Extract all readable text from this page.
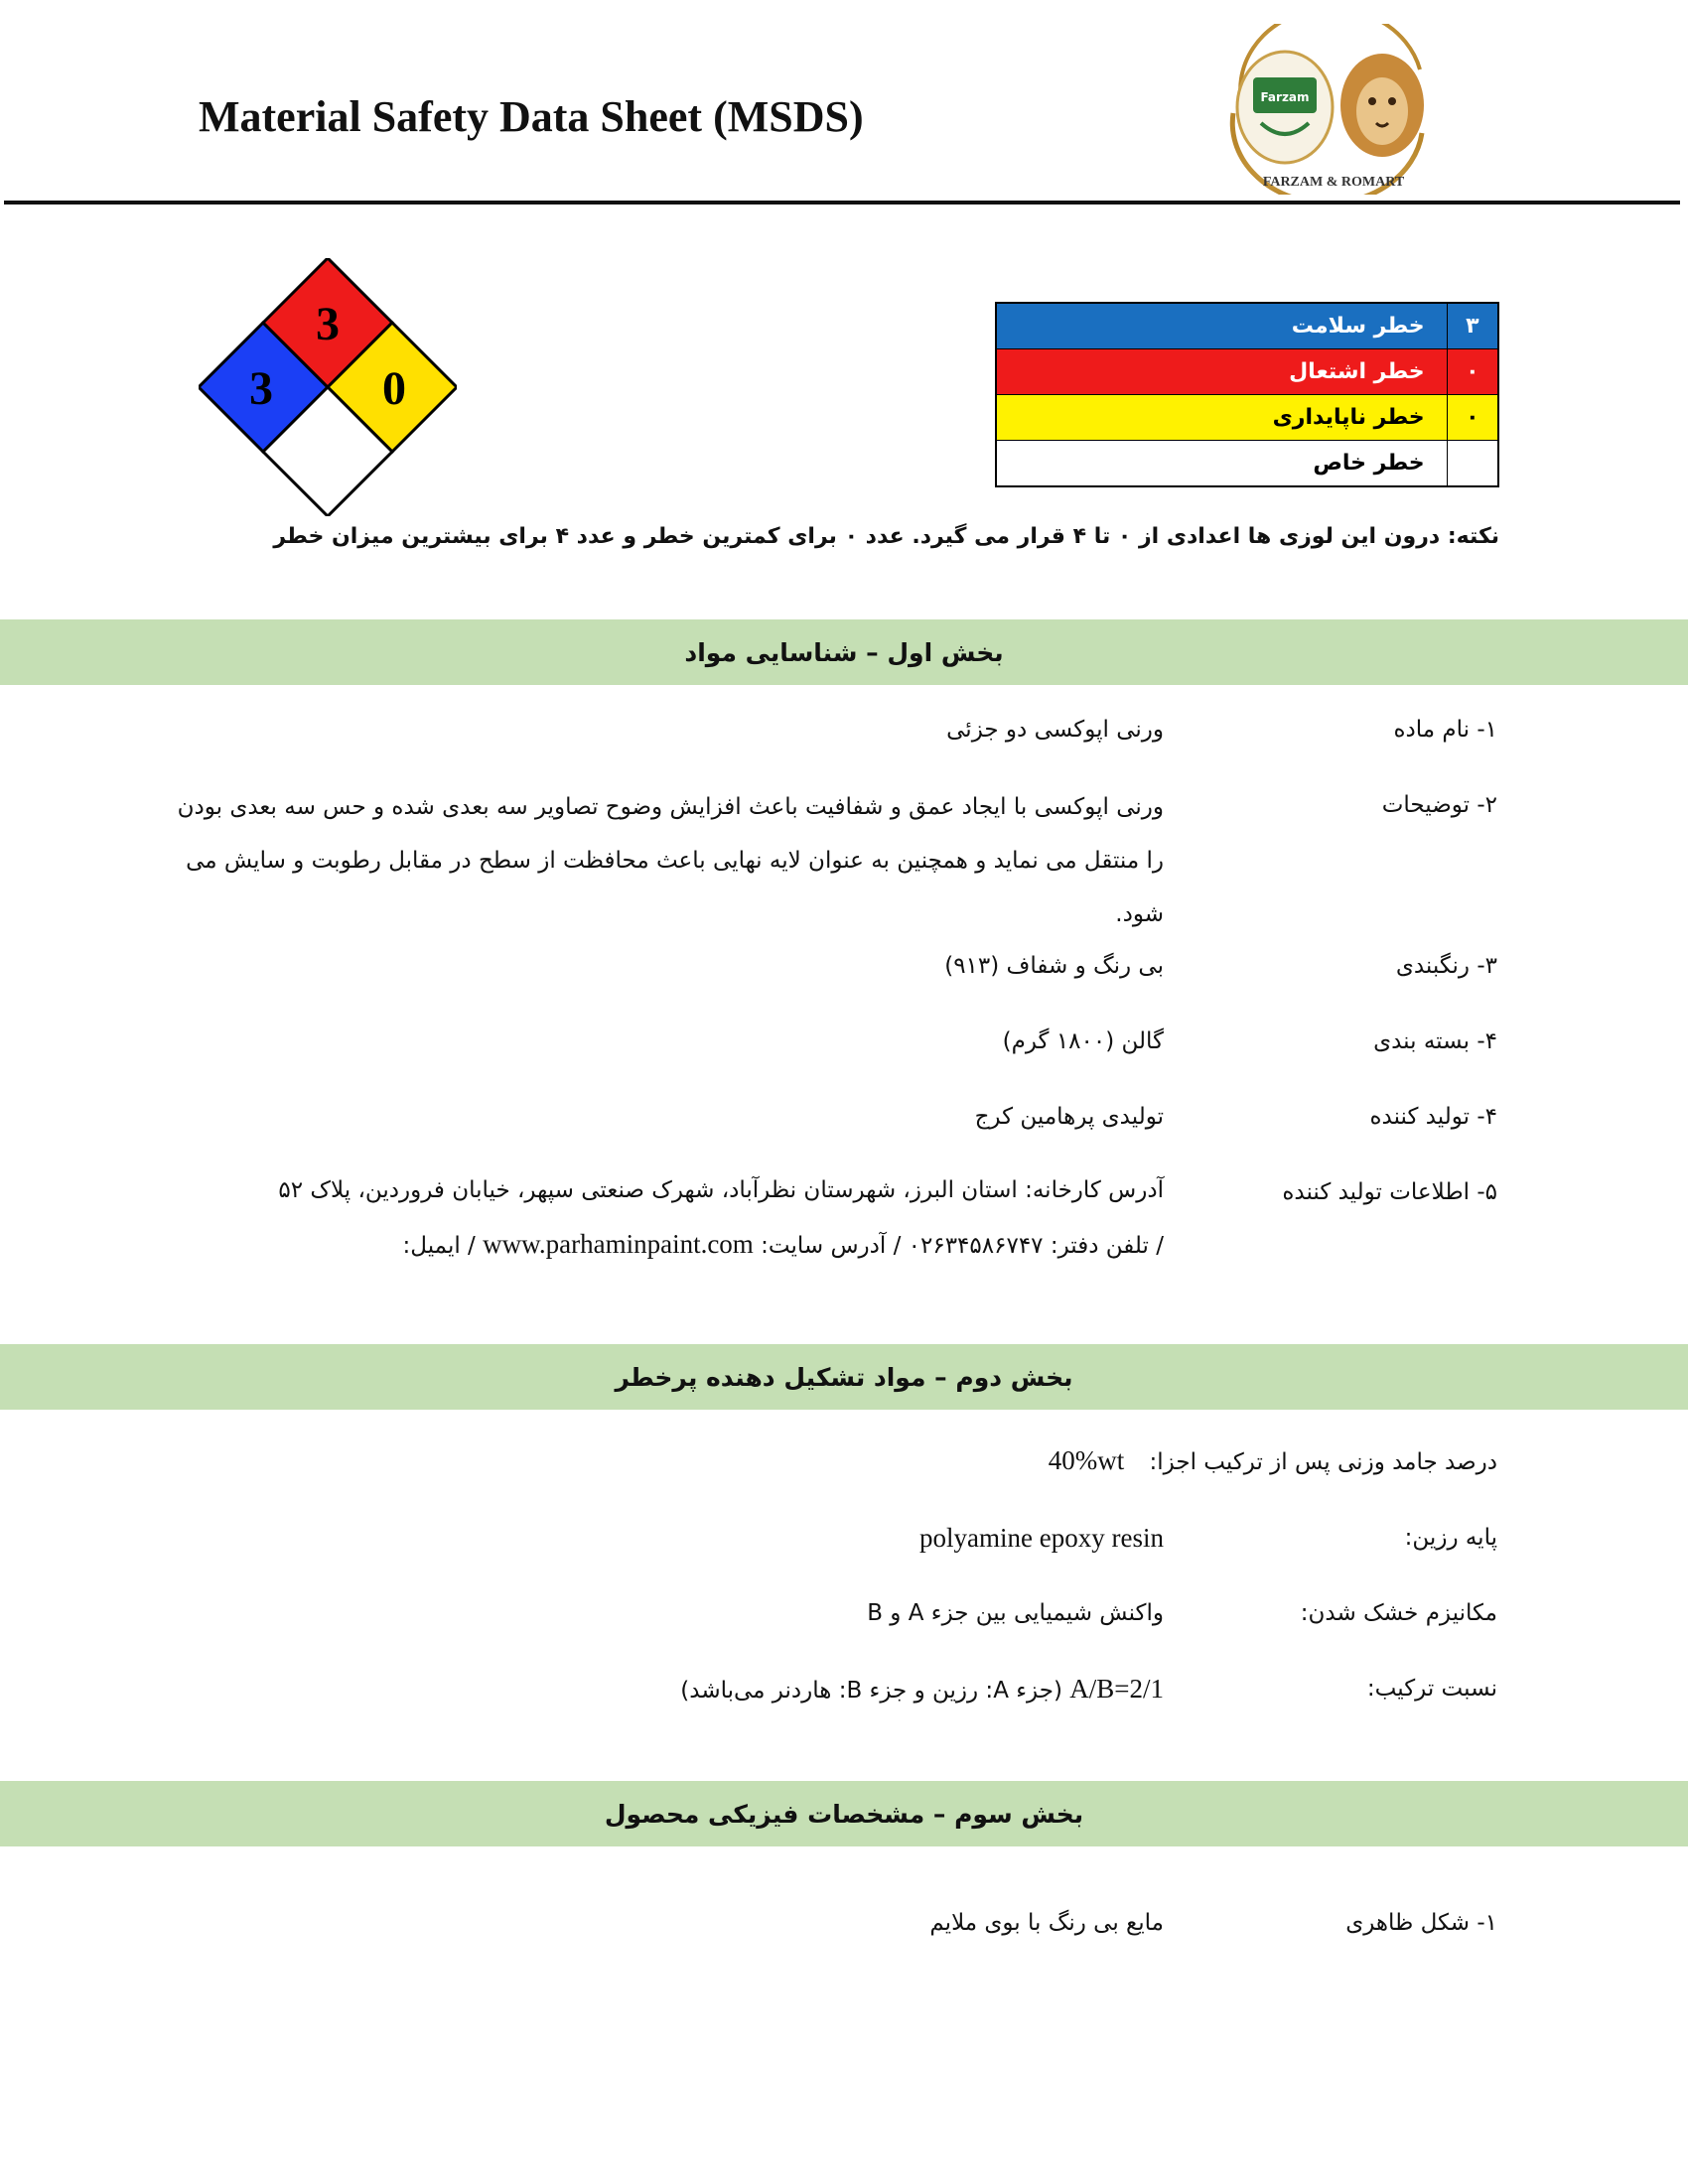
Material Safety Data Sheet (MSDS)	Farzam
FARZAM & ROMART
3
3
0
خطر سلامت	۳
خطر اشتعال	۰
خطر ناپایداری	۰
خطر خاص	
نکته: درون این لوزی ها اعدادی از ۰ تا ۴ قرار می گیرد. عدد ۰ برای کمترین خطر و عدد ۴ برای بیشترین میزان خطر
بخش اول – شناسایی مواد
۱- نام ماده
ورنی اپوکسی دو جزئی
۲- توضیحات
ورنی اپوکسی با ایجاد عمق و شفافیت باعث افزایش وضوح تصاویر سه بعدی شده و حس سه بعدی بودن را منتقل می نماید و همچنین به عنوان لایه نهایی باعث محافظت از سطح در مقابل رطوبت و سایش می شود.
۳- رنگبندی
بی رنگ و شفاف (۹۱۳)
۴- بسته بندی
گالن (۱۸۰۰ گرم)
۴- تولید کننده
تولیدی پرهامین کرج
۵- اطلاعات تولید کننده
آدرس کارخانه: استان البرز، شهرستان نظرآباد، شهرک صنعتی سپهر، خیابان فروردین، پلاک ۵۲
/ تلفن دفتر: ۰۲۶۳۴۵۸۶۷۴۷ / آدرس سایت: www.parhaminpaint.com / ایمیل:
بخش دوم – مواد تشکیل دهنده پرخطر
درصد جامد وزنی پس از ترکیب اجزا: 40%wt
پایه رزین:
polyamine epoxy resin
مکانیزم خشک شدن:
واکنش شیمیایی بین جزء A و B
نسبت ترکیب:
A/B=2/1 (جزء A: رزین و جزء B: هاردنر می‌باشد)
بخش سوم – مشخصات فیزیکی محصول
۱- شکل ظاهری
مایع بی رنگ با بوی ملایم
